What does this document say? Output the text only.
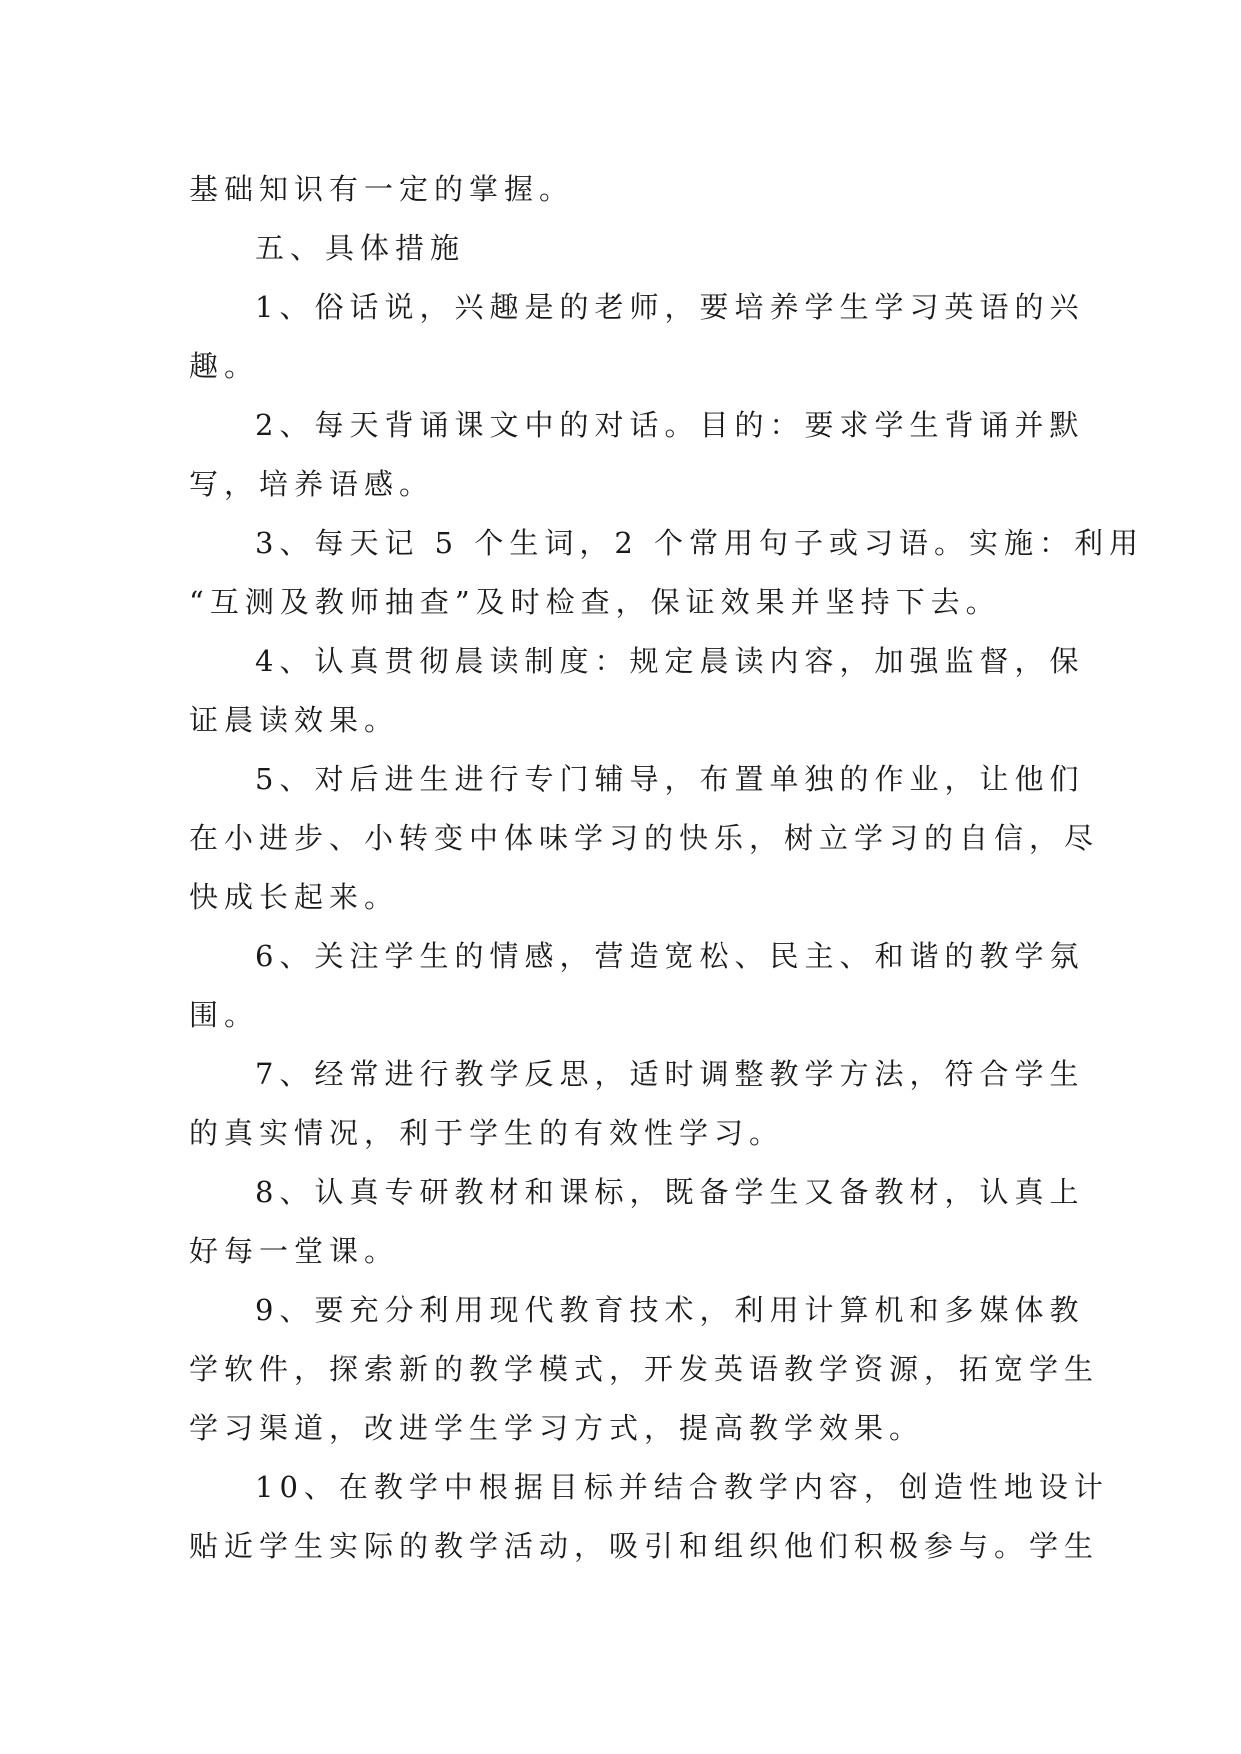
基础知识有一定的掌握。
五、具体措施
1、俗话说，兴趣是的老师，要培养学生学习英语的兴
趣。
2、每天背诵课文中的对话。目的：要求学生背诵并默
写，培养语感。
3、每天记 5 个生词，2 个常用句子或习语。实施：利用
“互测及教师抽查”及时检查，保证效果并坚持下去。
4、认真贯彻晨读制度：规定晨读内容，加强监督，保
证晨读效果。
5、对后进生进行专门辅导，布置单独的作业，让他们
在小进步、小转变中体味学习的快乐，树立学习的自信，尽
快成长起来。
6、关注学生的情感，营造宽松、民主、和谐的教学氛
围。
7、经常进行教学反思，适时调整教学方法，符合学生
的真实情况，利于学生的有效性学习。
8、认真专研教材和课标，既备学生又备教材，认真上
好每一堂课。
9、要充分利用现代教育技术，利用计算机和多媒体教
学软件，探索新的教学模式，开发英语教学资源，拓宽学生
学习渠道，改进学生学习方式，提高教学效果。
10、在教学中根据目标并结合教学内容，创造性地设计
贴近学生实际的教学活动，吸引和组织他们积极参与。学生
